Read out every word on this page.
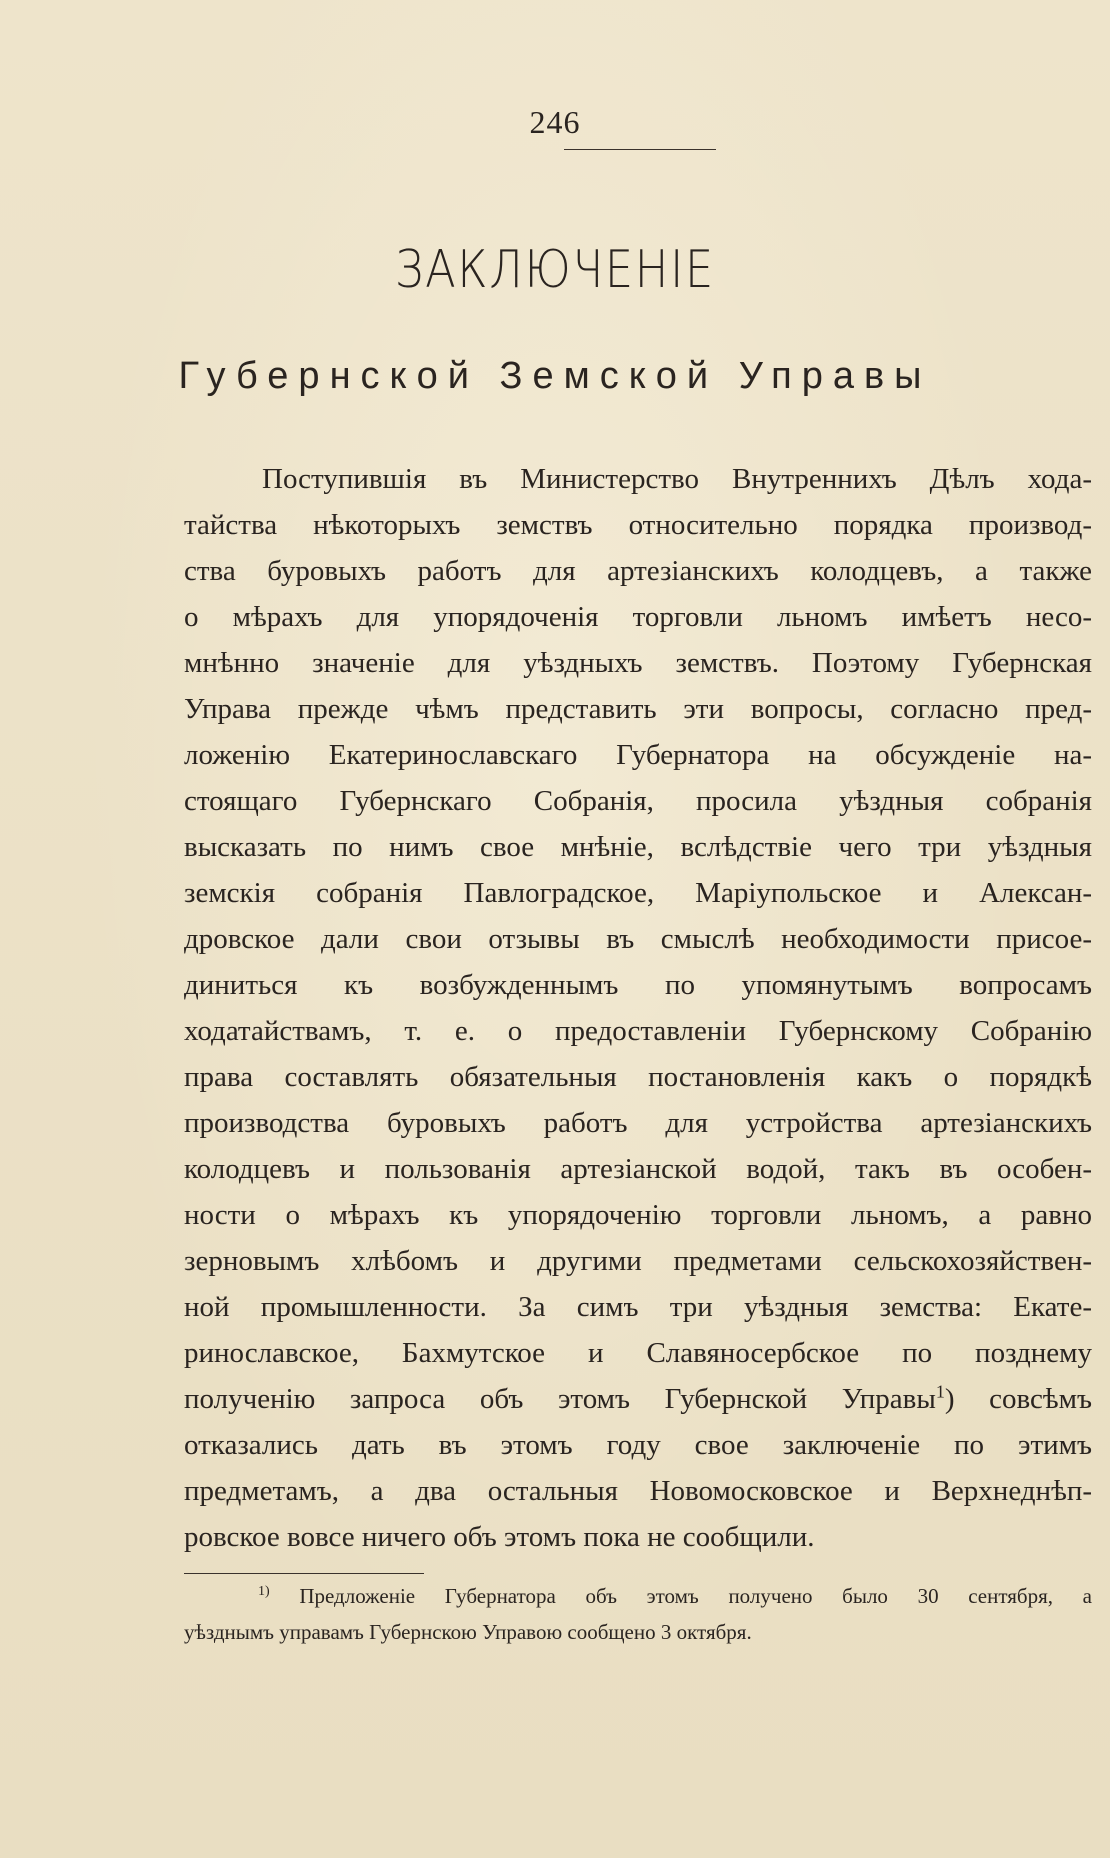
246
ЗАКЛЮЧЕНІЕ
Губернской Земской Управы
Поступившія въ Министерство Внутреннихъ Дѣлъ хода-
тайства нѣкоторыхъ земствъ относительно порядка производ-
ства буровыхъ работъ для артезіанскихъ колодцевъ, а также
о мѣрахъ для упорядоченія торговли льномъ имѣетъ несо-
мнѣнно значеніе для уѣздныхъ земствъ. Поэтому Губернская
Управа прежде чѣмъ представить эти вопросы, согласно пред-
ложенію Екатеринославскаго Губернатора на обсужденіе на-
стоящаго Губернскаго Собранія, просила уѣздныя собранія
высказать по нимъ свое мнѣніе, вслѣдствіе чего три уѣздныя
земскія собранія Павлоградское, Маріупольское и Алексан-
дровское дали свои отзывы въ смыслѣ необходимости присое-
диниться къ возбужденнымъ по упомянутымъ вопросамъ
ходатайствамъ, т. е. о предоставленіи Губернскому Собранію
права составлять обязательныя постановленія какъ о порядкѣ
производства буровыхъ работъ для устройства артезіанскихъ
колодцевъ и пользованія артезіанской водой, такъ въ особен-
ности о мѣрахъ къ упорядоченію торговли льномъ, а равно
зерновымъ хлѣбомъ и другими предметами сельскохозяйствен-
ной промышленности. За симъ три уѣздныя земства: Екате-
ринославское, Бахмутское и Славяносербское по позднему
полученію запроса объ этомъ Губернской Управы$^1$) совсѣмъ
отказались дать въ этомъ году свое заключеніе по этимъ
предметамъ, а два остальныя Новомосковское и Верхнеднѣп-
ровское вовсе ничего объ этомъ пока не сообщили.
$^{1)}$ Предложеніе Губернатора объ этомъ получено было 30 сентября, а
уѣзднымъ управамъ Губернскою Управою сообщено 3 октября.
